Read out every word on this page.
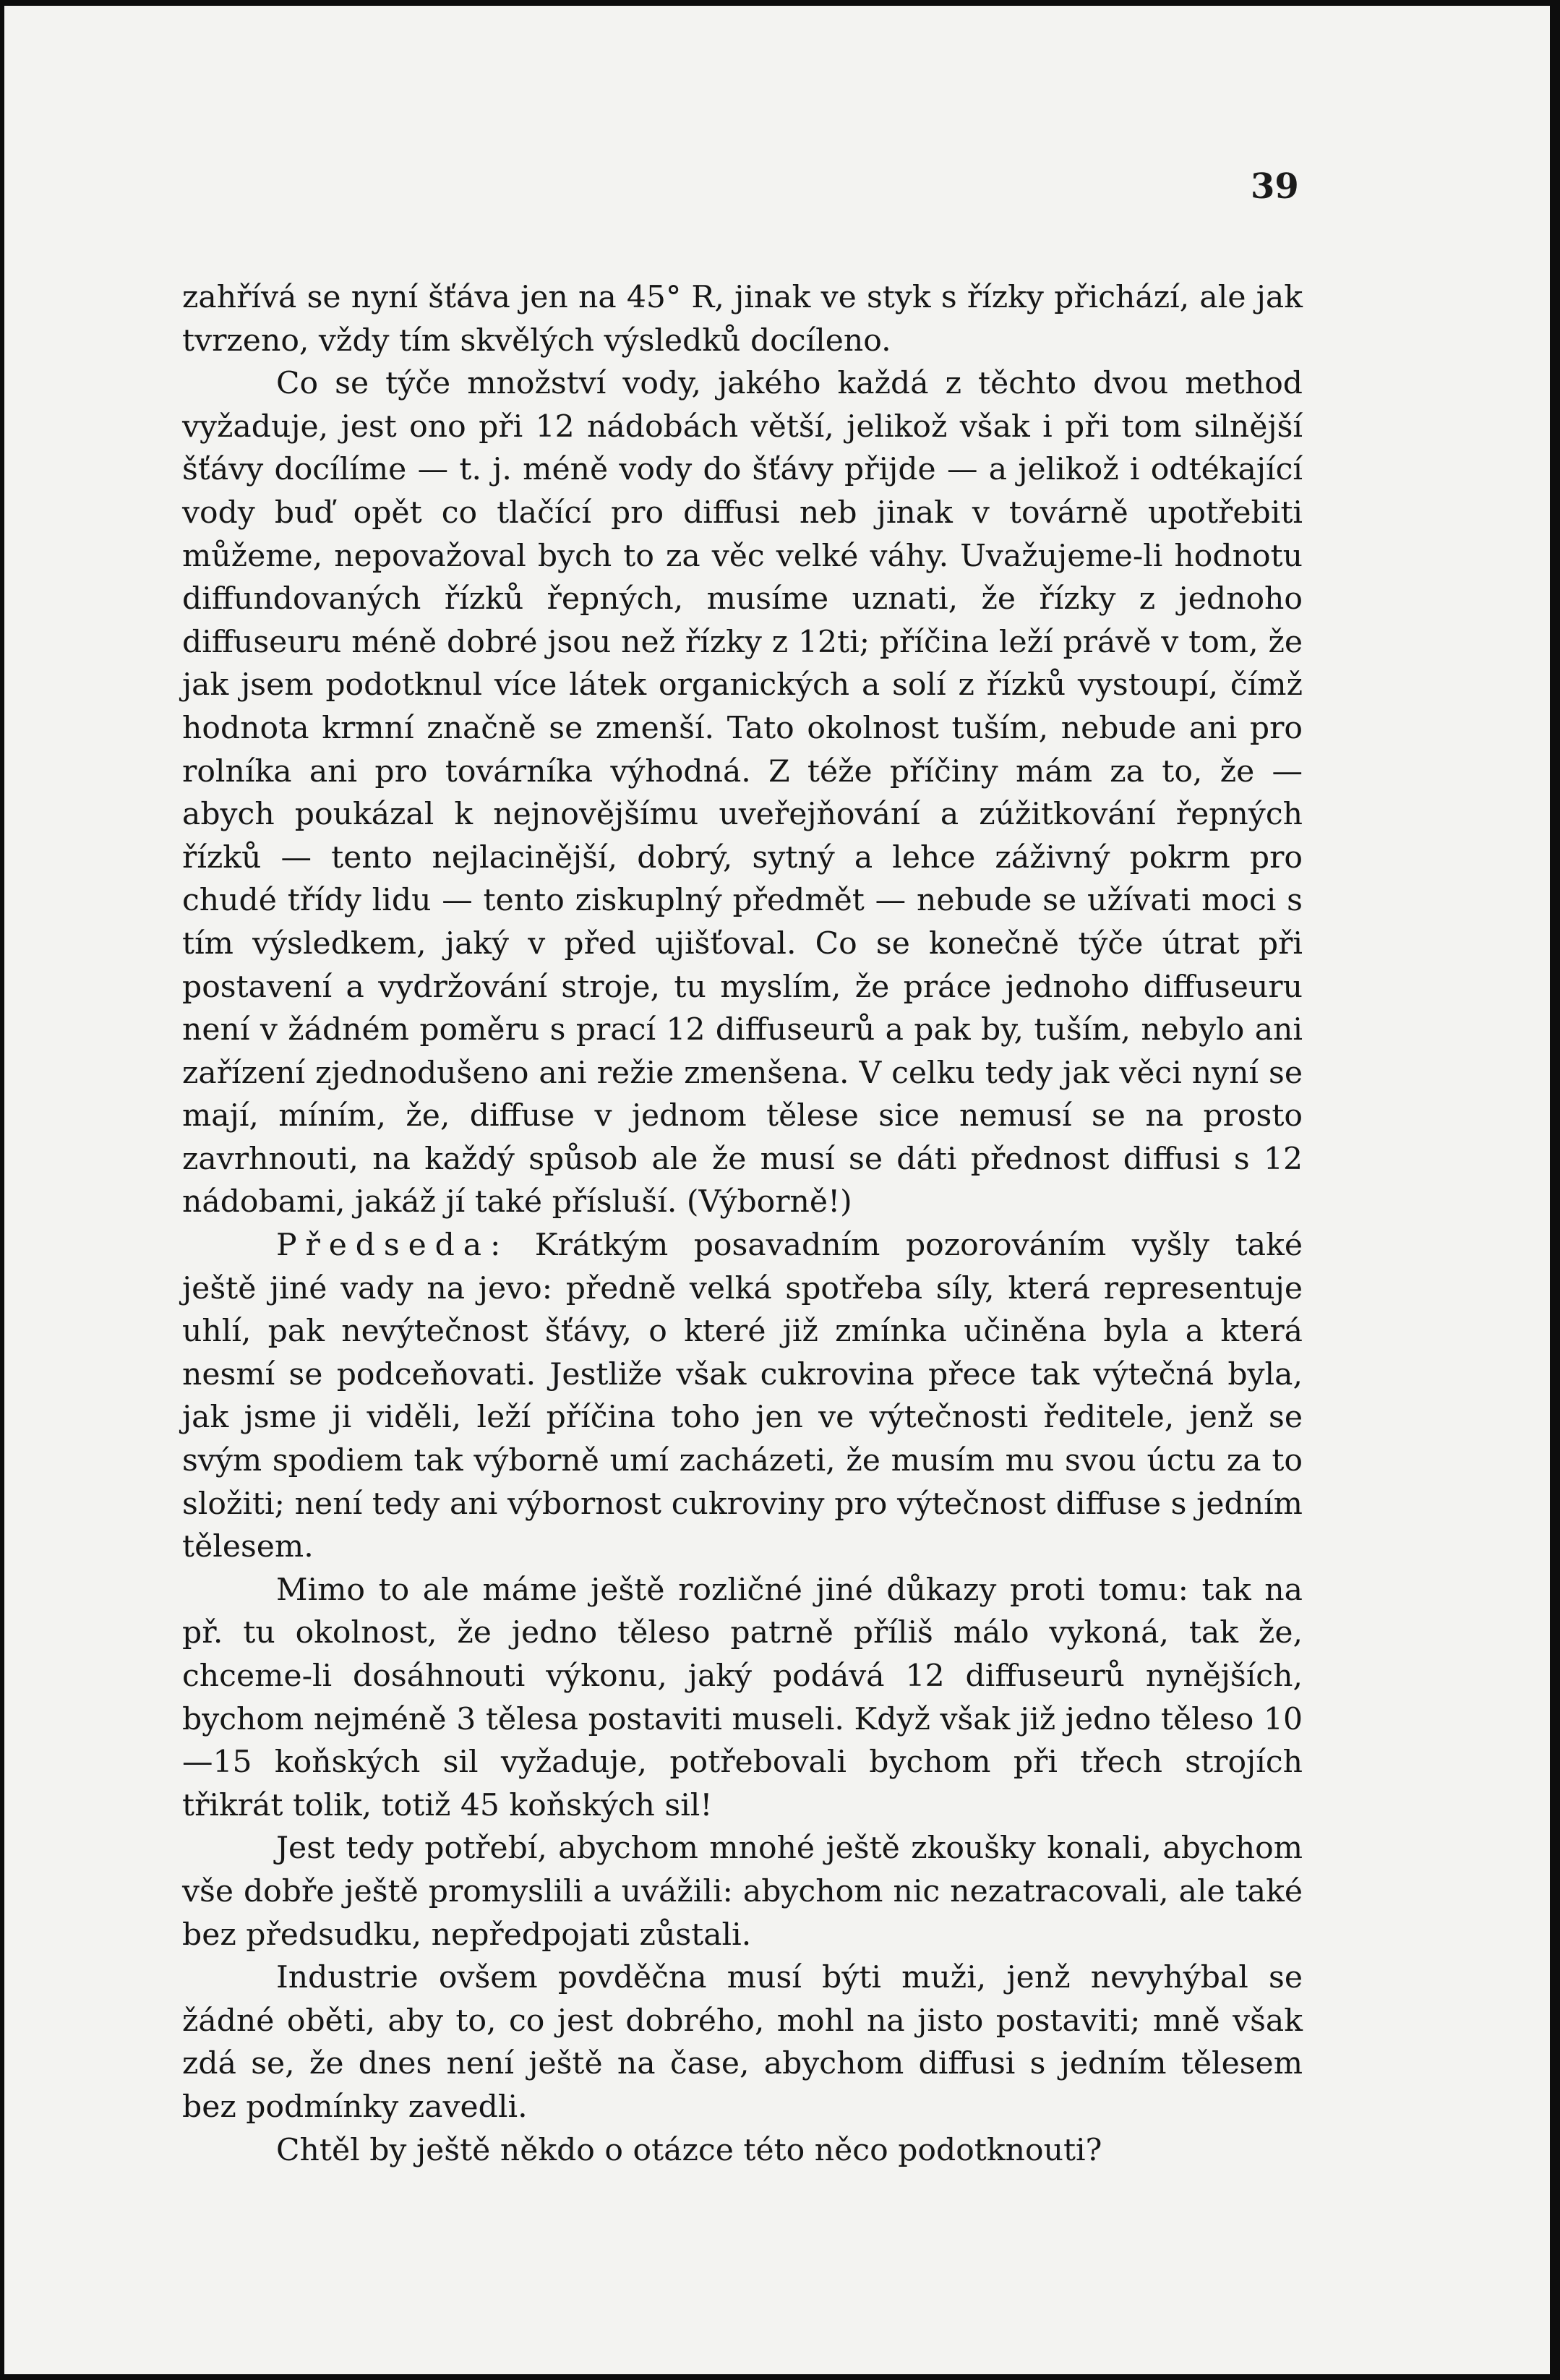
39

zahřívá se nyní šťáva jen na 45° R, jinak ve styk s řízky přichází, ale jak tvrzeno, vždy tím skvělých výsledků docíleno.

Co se týče množství vody, jakého každá z těchto dvou method vyžaduje, jest ono při 12 nádobách větší, jelikož však i při tom silnější šťávy docílíme — t. j. méně vody do šťávy přijde — a jelikož i odtékající vody buď opět co tlačící pro diffusi neb jinak v továrně upotřebiti můžeme, nepovažoval bych to za věc velké váhy. Uvažujeme-li hodnotu diffundovaných řízků řepných, musíme uznati, že řízky z jednoho diffuseuru méně dobré jsou než řízky z 12ti; příčina leží právě v tom, že jak jsem podotknul více látek organických a solí z řízků vystoupí, čímž hodnota krmní značně se zmenší. Tato okolnost tuším, nebude ani pro rolníka ani pro továrníka výhodná. Z téže příčiny mám za to, že — abych poukázal k nejnovějšímu uveřejňování a zúžitkování řepných řízků — tento nejlacinější, dobrý, sytný a lehce záživný pokrm pro chudé třídy lidu — tento ziskuplný předmět — nebude se užívati moci s tím výsledkem, jaký v před ujišťoval. Co se konečně týče útrat při postavení a vydržování stroje, tu myslím, že práce jednoho diffuseuru není v žádném poměru s prací 12 diffuseurů a pak by, tuším, nebylo ani zařízení zjednodušeno ani režie zmenšena. V celku tedy jak věci nyní se mají, míním, že, diffuse v jednom tělese sice nemusí se na prosto zavrhnouti, na každý spůsob ale že musí se dáti přednost diffusi s 12 nádobami, jakáž jí také přísluší. (Výborně!)

Předseda: Krátkým posavadním pozorováním vyšly také ještě jiné vady na jevo: předně velká spotřeba síly, která representuje uhlí, pak nevýtečnost šťávy, o které již zmínka učiněna byla a která nesmí se podceňovati. Jestliže však cukrovina přece tak výtečná byla, jak jsme ji viděli, leží příčina toho jen ve výtečnosti ředitele, jenž se svým spodiem tak výborně umí zacházeti, že musím mu svou úctu za to složiti; není tedy ani výbornost cukroviny pro výtečnost diffuse s jedním tělesem.

Mimo to ale máme ještě rozličné jiné důkazy proti tomu: tak na př. tu okolnost, že jedno těleso patrně příliš málo vykoná, tak že, chceme-li dosáhnouti výkonu, jaký podává 12 diffuseurů nynějších, bychom nejméně 3 tělesa postaviti museli. Když však již jedno těleso 10—15 koňských sil vyžaduje, potřebovali bychom při třech strojích třikrát tolik, totiž 45 koňských sil!

Jest tedy potřebí, abychom mnohé ještě zkoušky konali, abychom vše dobře ještě promyslili a uvážili: abychom nic nezatracovali, ale také bez předsudku, nepředpojati zůstali.

Industrie ovšem povděčna musí býti muži, jenž nevyhýbal se žádné oběti, aby to, co jest dobrého, mohl na jisto postaviti; mně však zdá se, že dnes není ještě na čase, abychom diffusi s jedním tělesem bez podmínky zavedli.

Chtěl by ještě někdo o otázce této něco podotknouti?
